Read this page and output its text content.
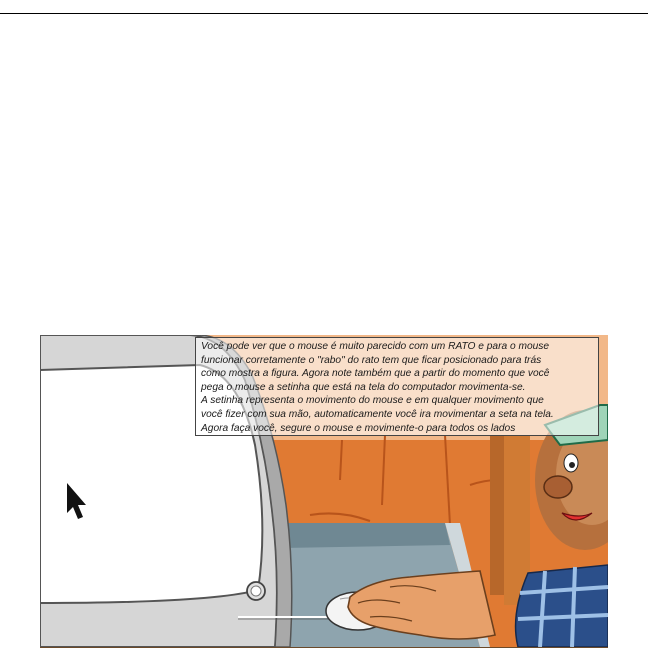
Você pode ver que o mouse é muito parecido com um RATO e para o mouse
funcionar corretamente o "rabo" do rato tem que ficar posicionado para trás
como mostra a figura. Agora note também que a partir do momento que você
pega o mouse a setinha que está na tela do computador movimenta-se.
A setinha representa o movimento do mouse e em qualquer movimento que
você fizer com sua mão, automaticamente você ira movimentar a seta na tela.
Agora faça você, segure o mouse e movimente-o para todos os lados
